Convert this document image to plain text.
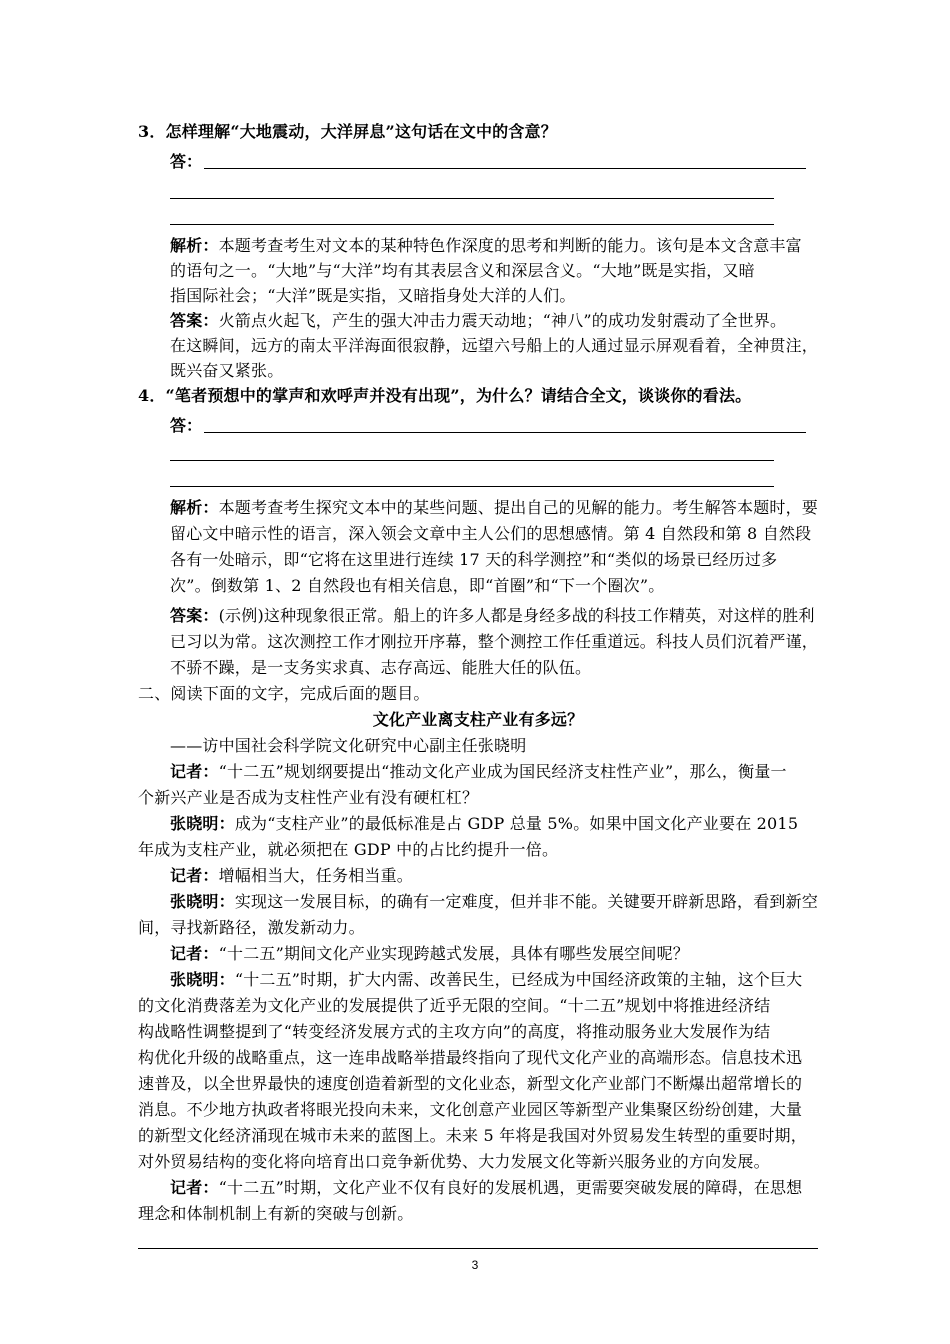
3．怎样理解“大地震动，大洋屏息”这句话在文中的含意？
答：
解析：本题考查考生对文本的某种特色作深度的思考和判断的能力。该句是本文含意丰富
的语句之一。“大地”与“大洋”均有其表层含义和深层含义。“大地”既是实指，又暗
指国际社会；“大洋”既是实指，又暗指身处大洋的人们。
答案：火箭点火起飞，产生的强大冲击力震天动地；“神八”的成功发射震动了全世界。
在这瞬间，远方的南太平洋海面很寂静，远望六号船上的人通过显示屏观看着，全神贯注，
既兴奋又紧张。
4．“笔者预想中的掌声和欢呼声并没有出现”，为什么？请结合全文，谈谈你的看法。
答：
解析：本题考查考生探究文本中的某些问题、提出自己的见解的能力。考生解答本题时，要
留心文中暗示性的语言，深入领会文章中主人公们的思想感情。第 4 自然段和第 8 自然段
各有一处暗示，即“它将在这里进行连续 17 天的科学测控”和“类似的场景已经历过多
次”。倒数第 1、2 自然段也有相关信息，即“首圈”和“下一个圈次”。
答案：(示例)这种现象很正常。船上的许多人都是身经多战的科技工作精英，对这样的胜利
已习以为常。这次测控工作才刚拉开序幕，整个测控工作任重道远。科技人员们沉着严谨，
不骄不躁，是一支务实求真、志存高远、能胜大任的队伍。
二、阅读下面的文字，完成后面的题目。
文化产业离支柱产业有多远？
——访中国社会科学院文化研究中心副主任张晓明
记者：“十二五”规划纲要提出“推动文化产业成为国民经济支柱性产业”，那么，衡量一
个新兴产业是否成为支柱性产业有没有硬杠杠？
张晓明：成为“支柱产业”的最低标准是占 GDP 总量 5%。如果中国文化产业要在 2015
年成为支柱产业，就必须把在 GDP 中的占比约提升一倍。
记者：增幅相当大，任务相当重。
张晓明：实现这一发展目标，的确有一定难度，但并非不能。关键要开辟新思路，看到新空
间，寻找新路径，激发新动力。
记者：“十二五”期间文化产业实现跨越式发展，具体有哪些发展空间呢？
张晓明：“十二五”时期，扩大内需、改善民生，已经成为中国经济政策的主轴，这个巨大
的文化消费落差为文化产业的发展提供了近乎无限的空间。“十二五”规划中将推进经济结
构战略性调整提到了“转变经济发展方式的主攻方向”的高度，将推动服务业大发展作为结
构优化升级的战略重点，这一连串战略举措最终指向了现代文化产业的高端形态。信息技术迅
速普及，以全世界最快的速度创造着新型的文化业态，新型文化产业部门不断爆出超常增长的
消息。不少地方执政者将眼光投向未来，文化创意产业园区等新型产业集聚区纷纷创建，大量
的新型文化经济涌现在城市未来的蓝图上。未来 5 年将是我国对外贸易发生转型的重要时期，
对外贸易结构的变化将向培育出口竞争新优势、大力发展文化等新兴服务业的方向发展。
记者：“十二五”时期，文化产业不仅有良好的发展机遇，更需要突破发展的障碍，在思想
理念和体制机制上有新的突破与创新。
3
